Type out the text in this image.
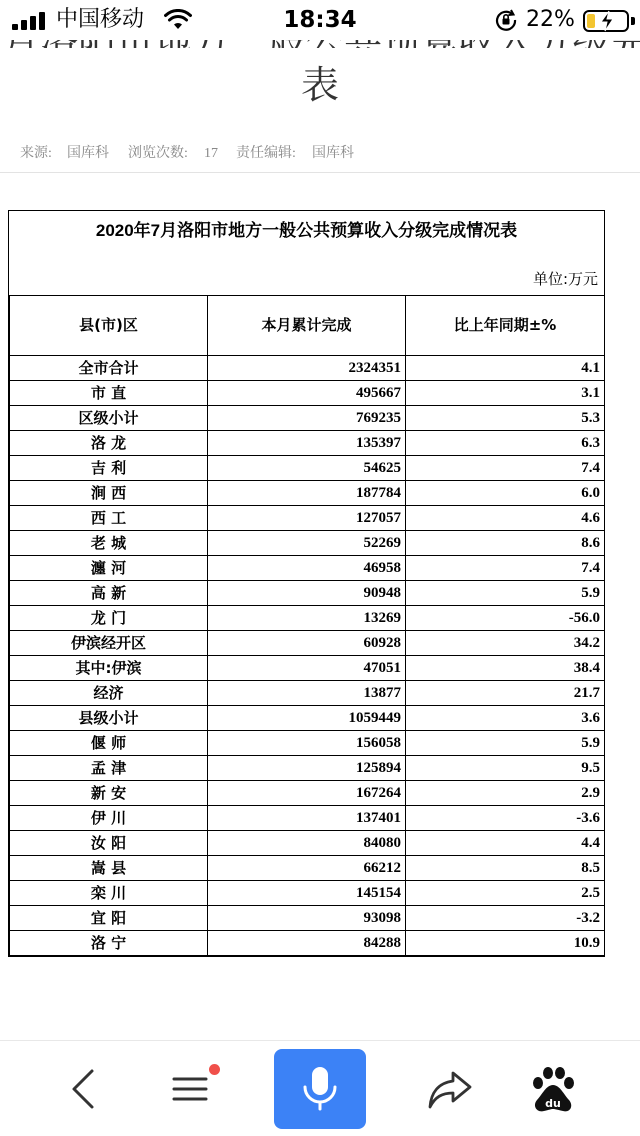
中国移动	18:34	22%
表
来源: 国库科 浏览次数: 17 责任编辑: 国库科
2020年7月洛阳市地方一般公共预算收入分级完成情况表
单位:万元
县(市)区	本月累计完成	比上年同期±%
全市合计	2324351	4.1
市 直	495667	3.1
区级小计	769235	5.3
洛 龙	135397	6.3
吉 利	54625	7.4
涧 西	187784	6.0
西 工	127057	4.6
老 城	52269	8.6
瀍 河	46958	7.4
高 新	90948	5.9
龙 门	13269	-56.0
伊滨经开区	60928	34.2
其中:伊滨	47051	38.4
经济	13877	21.7
县级小计	1059449	3.6
偃 师	156058	5.9
孟 津	125894	9.5
新 安	167264	2.9
伊 川	137401	-3.6
汝 阳	84080	4.4
嵩 县	66212	8.5
栾 川	145154	2.5
宜 阳	93098	-3.2
洛 宁	84288	10.9
du
